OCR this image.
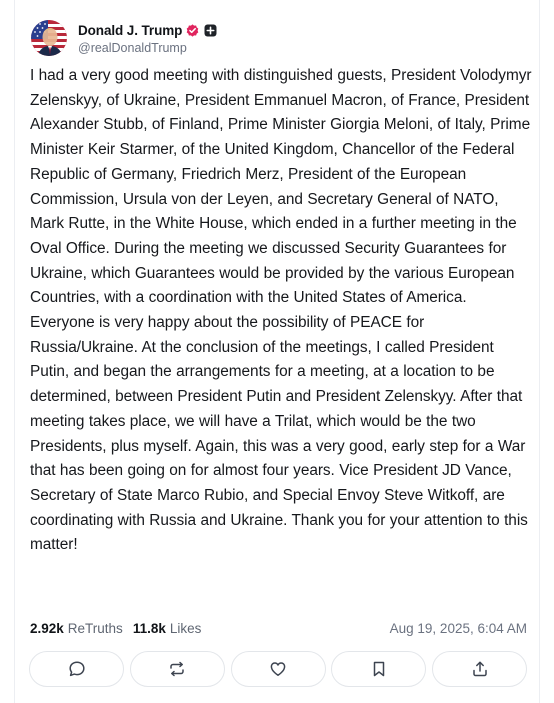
Donald J. Trump
@realDonaldTrump
I had a very good meeting with distinguished guests, President Volodymyr Zelenskyy, of Ukraine, President Emmanuel Macron, of France, President Alexander Stubb, of Finland, Prime Minister Giorgia Meloni, of Italy, Prime Minister Keir Starmer, of the United Kingdom, Chancellor of the Federal Republic of Germany, Friedrich Merz, President of the European Commission, Ursula von der Leyen, and Secretary General of NATO, Mark Rutte, in the White House, which ended in a further meeting in the Oval Office. During the meeting we discussed Security Guarantees for Ukraine, which Guarantees would be provided by the various European Countries, with a coordination with the United States of America. Everyone is very happy about the possibility of PEACE for Russia/Ukraine. At the conclusion of the meetings, I called President Putin, and began the arrangements for a meeting, at a location to be determined, between President Putin and President Zelenskyy. After that meeting takes place, we will have a Trilat, which would be the two Presidents, plus myself. Again, this was a very good, early step for a War that has been going on for almost four years. Vice President JD Vance, Secretary of State Marco Rubio, and Special Envoy Steve Witkoff, are coordinating with Russia and Ukraine. Thank you for your attention to this matter!
2.92k ReTruths 11.8k Likes	Aug 19, 2025, 6:04 AM
